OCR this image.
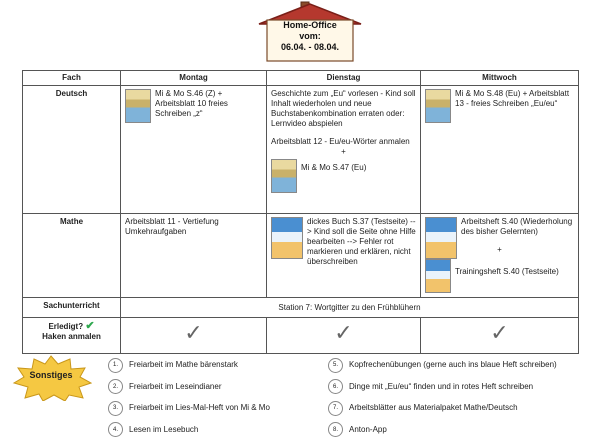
Home-Office
vom:
06.04. - 08.04.
Fach	Montag	Dienstag	Mittwoch
Deutsch	Mi & Mo S.46 (Z) + Arbeitsblatt 10 freies Schreiben „z“	Geschichte zum „Eu“ vorlesen - Kind soll Inhalt wiederholen und neue Buchstabenkombination erraten oder: Lernvideo abspielen
Arbeitsblatt 12 - Eu/eu-Wörter anmalen
+
Mi & Mo S.47 (Eu)	Mi & Mo S.48 (Eu) + Arbeitsblatt 13 - freies Schreiben „Eu/eu“

Mathe	Arbeitsblatt 11 - Vertiefung Umkehraufgaben	dickes Buch S.37 (Testseite) --> Kind soll die Seite ohne Hilfe bearbeiten --> Fehler rot markieren und erklären, nicht überschreiben	Arbeitsheft S.40 (Wiederholung des bisher Gelernten)
+
Trainingsheft S.40 (Testseite)

Sachunterricht	Station 7: Wortgitter zu den Frühblühern		
Erledigt? ✔
Haken anmalen	✓	✓	✓
Sonstiges
1.	Freiarbeit im Mathe bärenstark
2.	Freiarbeit im Leseindianer
3.	Freiarbeit im Lies-Mal-Heft von Mi & Mo
4.	Lesen im Lesebuch
5.	Kopfrechenübungen (gerne auch ins blaue Heft schreiben)
6.	Dinge mit „Eu/eu“ finden und in rotes Heft schreiben
7.	Arbeitsblätter aus Materialpaket Mathe/Deutsch
8.	Anton-App
